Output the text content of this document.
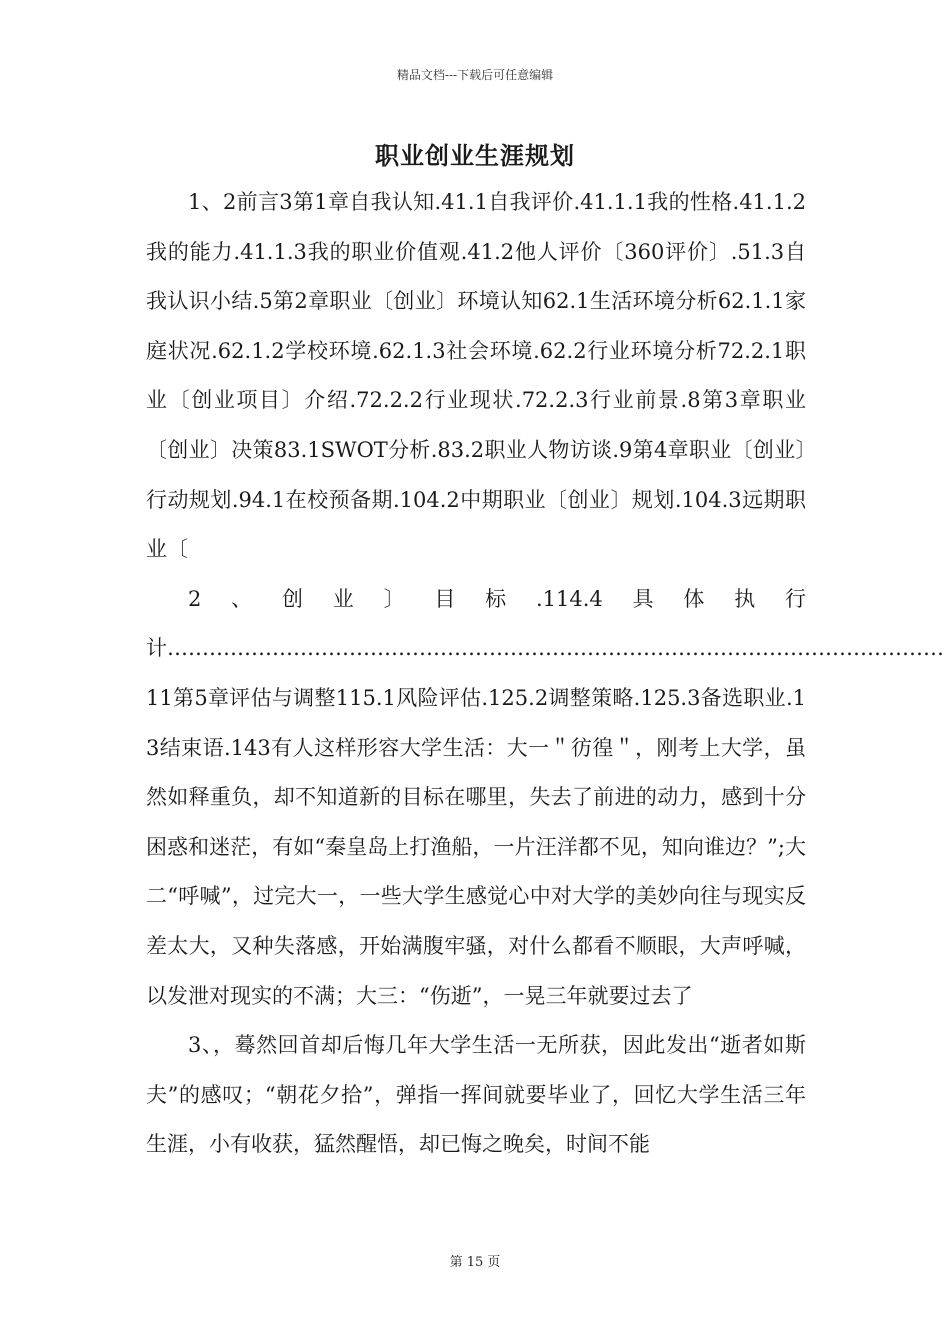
精品文档---下载后可任意编辑
职业创业生涯规划

1、2前言3第1章自我认知.41.1自我评价.41.1.1我的性格.41.1.2我的能力.41.1.3我的职业价值观.41.2他人评价〔360评价〕.51.3自我认识小结.5第2章职业〔创业〕环境认知62.1生活环境分析62.1.1家庭状况.62.1.2学校环境.62.1.3社会环境.62.2行业环境分析72.2.1职业〔创业项目〕介绍.72.2.2行业现状.72.2.3行业前景.8第3章职业〔创业〕决策83.1SWOT分析.83.2职业人物访谈.9第4章职业〔创业〕行动规划.94.1在校预备期.104.2中期职业〔创业〕规划.104.3远期职业〔

2、创业〕目标.114.4具体执行计…………………………………………………………………………………………………11第5章评估与调整115.1风险评估.125.2调整策略.125.3备选职业.13结束语.143有人这样形容大学生活：大一＂彷徨＂，刚考上大学，虽然如释重负，却不知道新的目标在哪里，失去了前进的动力，感到十分困惑和迷茫，有如“秦皇岛上打渔船，一片汪洋都不见，知向谁边？”;大二“呼喊”，过完大一，一些大学生感觉心中对大学的美妙向往与现实反差太大，又种失落感，开始满腹牢骚，对什么都看不顺眼，大声呼喊，以发泄对现实的不满；大三：“伤逝”，一晃三年就要过去了

3、，蓦然回首却后悔几年大学生活一无所获，因此发出“逝者如斯夫”的感叹；“朝花夕拾”，弹指一挥间就要毕业了，回忆大学生活三年生涯，小有收获，猛然醒悟，却已悔之晚矣，时间不能

第 15 页
